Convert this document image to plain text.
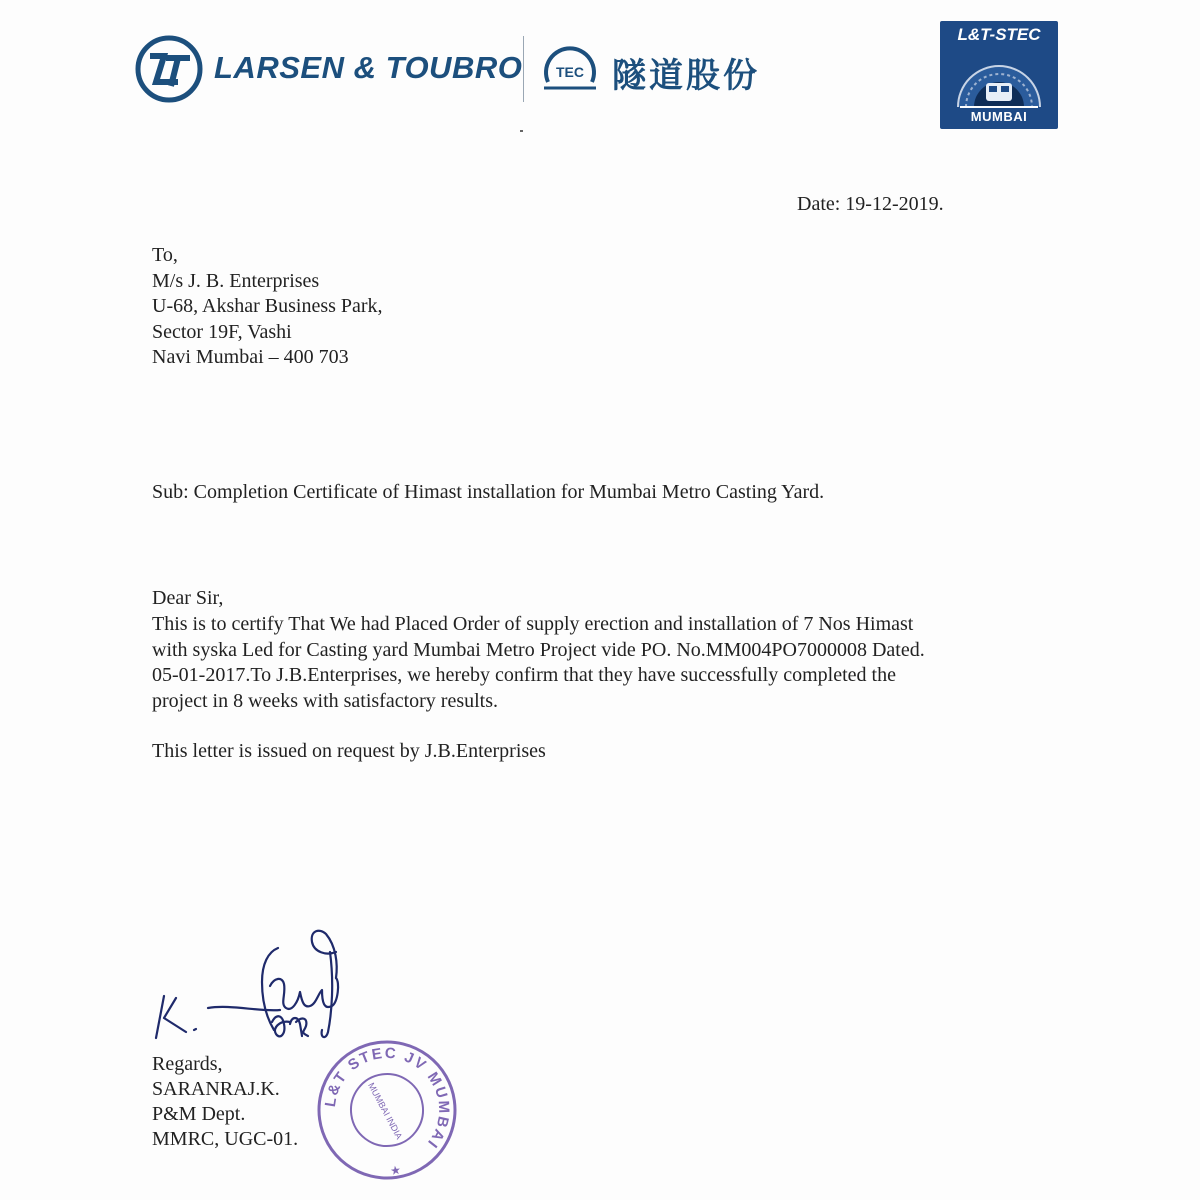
LARSEN & TOUBRO TEC 隧道股份
L&T-STEC
MUMBAI
Date: 19-12-2019.
To,
M/s J. B. Enterprises
U-68, Akshar Business Park,
Sector 19F, Vashi
Navi Mumbai – 400 703
Sub: Completion Certificate of Himast installation for Mumbai Metro Casting Yard.
Dear Sir,
This is to certify That We had Placed Order of supply erection and installation of 7 Nos Himast
with syska Led for Casting yard Mumbai Metro Project vide PO. No.MM004PO7000008 Dated.
05-01-2017.To J.B.Enterprises, we hereby confirm that they have successfully completed the
project in 8 weeks with satisfactory results.
This letter is issued on request by J.B.Enterprises
Regards,
SARANRAJ.K.
P&M Dept.
MMRC, UGC-01.
L&T STEC JV MUMBAI
MUMBAI INDIA
★
